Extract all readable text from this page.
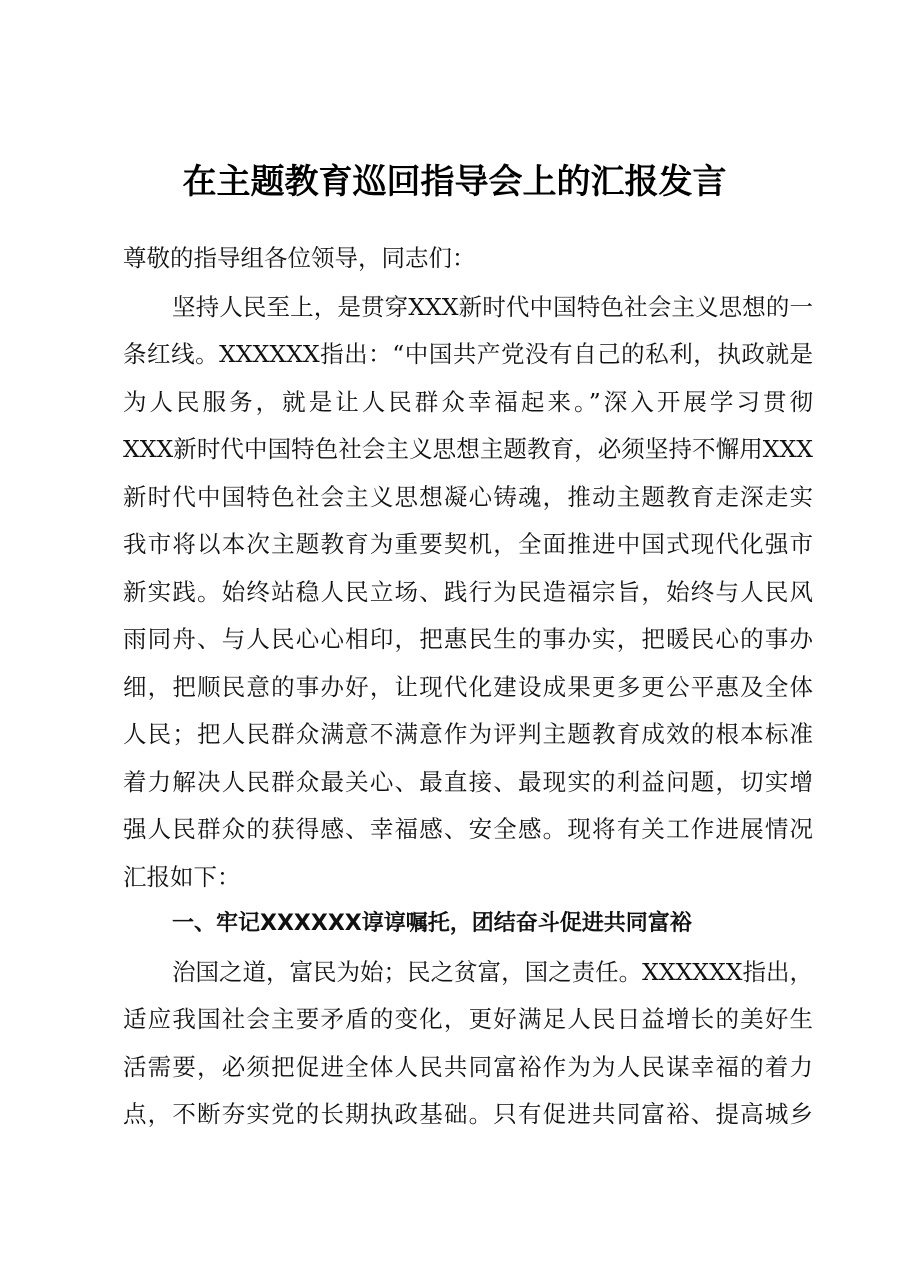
在主题教育巡回指导会上的汇报发言

尊敬的指导组各位领导，同志们：

坚持人民至上，是贯穿XXX新时代中国特色社会主义思想的一

条红线。XXXXXX指出：“中国共产党没有自己的私利，执政就是

为人民服务，就是让人民群众幸福起来。”深入开展学习贯彻

XXX新时代中国特色社会主义思想主题教育，必须坚持不懈用XXX

新时代中国特色社会主义思想凝心铸魂，推动主题教育走深走实

我市将以本次主题教育为重要契机，全面推进中国式现代化强市

新实践。始终站稳人民立场、践行为民造福宗旨，始终与人民风

雨同舟、与人民心心相印，把惠民生的事办实，把暖民心的事办

细，把顺民意的事办好，让现代化建设成果更多更公平惠及全体

人民；把人民群众满意不满意作为评判主题教育成效的根本标准

着力解决人民群众最关心、最直接、最现实的利益问题，切实增

强人民群众的获得感、幸福感、安全感。现将有关工作进展情况

汇报如下：

一、牢记XXXXXX谆谆嘱托，团结奋斗促进共同富裕

治国之道，富民为始；民之贫富，国之责任。XXXXXX指出，

适应我国社会主要矛盾的变化，更好满足人民日益增长的美好生

活需要，必须把促进全体人民共同富裕作为为人民谋幸福的着力

点，不断夯实党的长期执政基础。只有促进共同富裕、提高城乡
